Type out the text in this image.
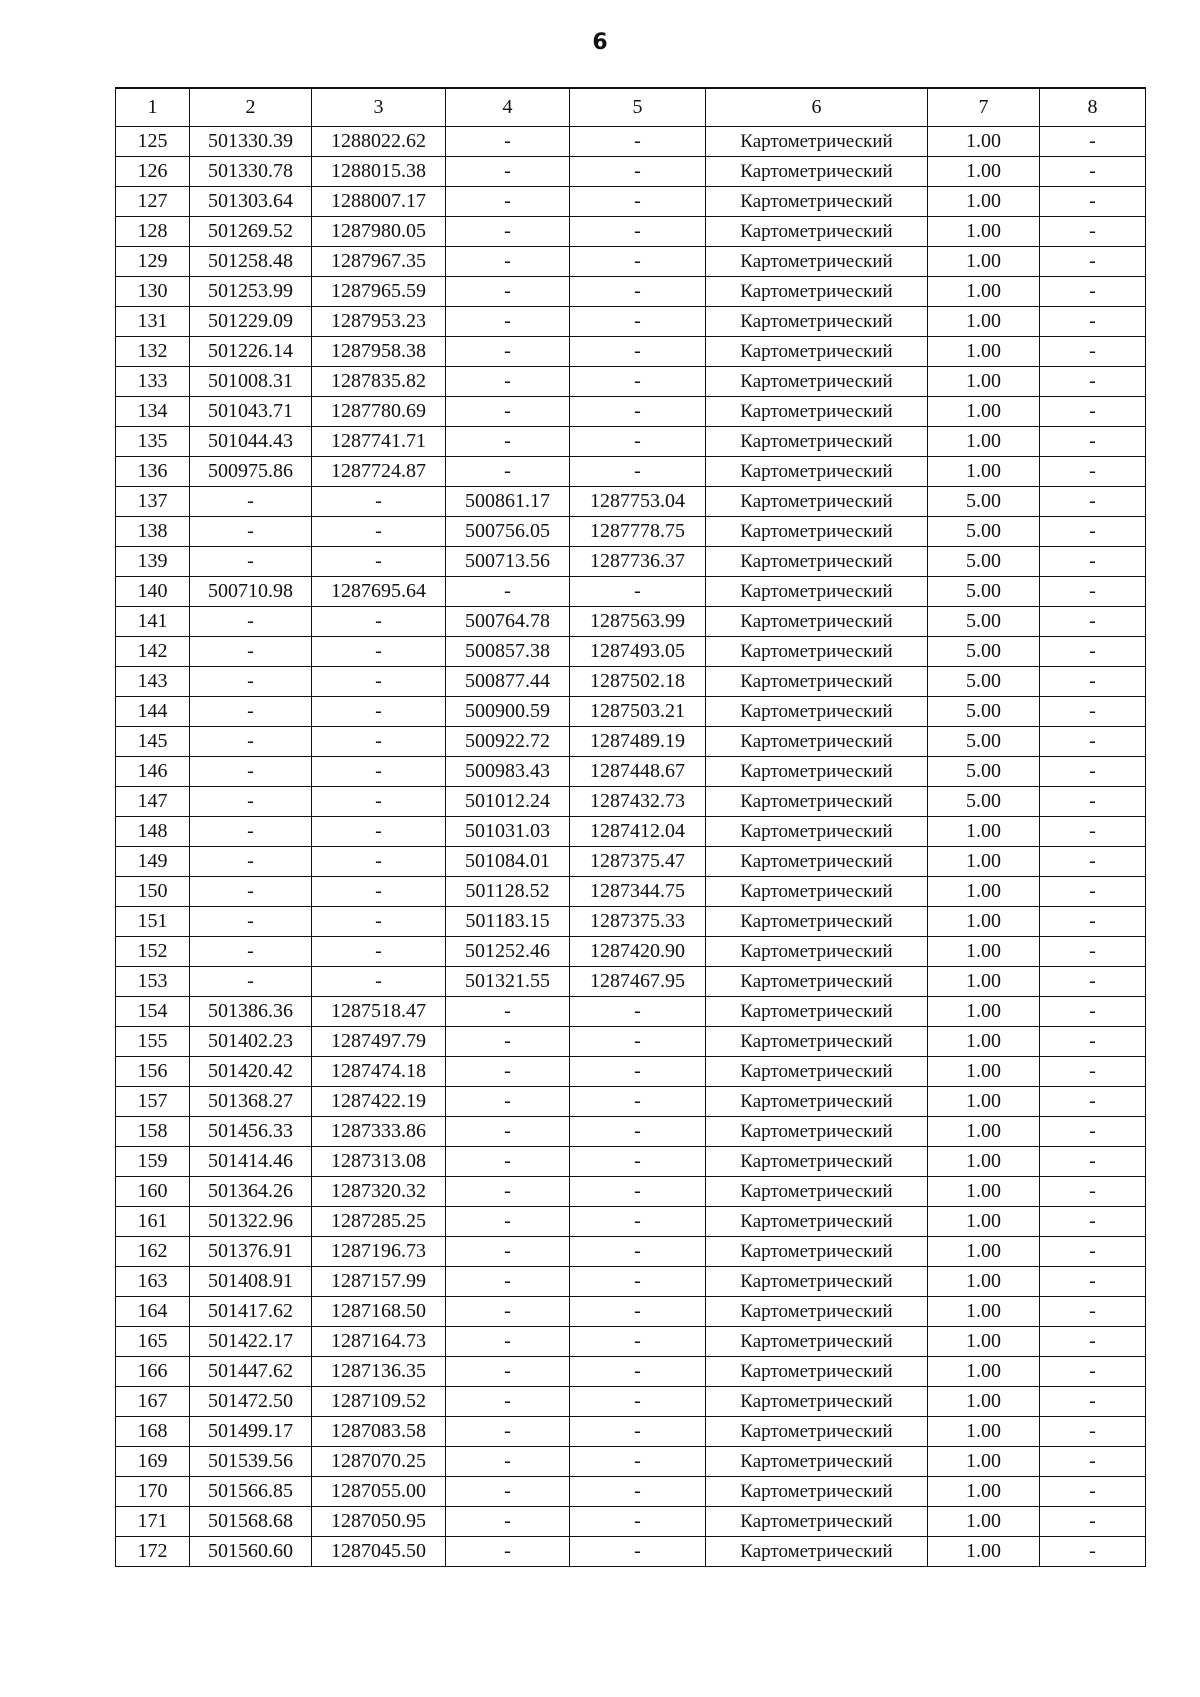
6
1	2	3	4	5	6	7	8
125	501330.39	1288022.62	-	-	Картометрический	1.00	-
126	501330.78	1288015.38	-	-	Картометрический	1.00	-
127	501303.64	1288007.17	-	-	Картометрический	1.00	-
128	501269.52	1287980.05	-	-	Картометрический	1.00	-
129	501258.48	1287967.35	-	-	Картометрический	1.00	-
130	501253.99	1287965.59	-	-	Картометрический	1.00	-
131	501229.09	1287953.23	-	-	Картометрический	1.00	-
132	501226.14	1287958.38	-	-	Картометрический	1.00	-
133	501008.31	1287835.82	-	-	Картометрический	1.00	-
134	501043.71	1287780.69	-	-	Картометрический	1.00	-
135	501044.43	1287741.71	-	-	Картометрический	1.00	-
136	500975.86	1287724.87	-	-	Картометрический	1.00	-
137	-	-	500861.17	1287753.04	Картометрический	5.00	-
138	-	-	500756.05	1287778.75	Картометрический	5.00	-
139	-	-	500713.56	1287736.37	Картометрический	5.00	-
140	500710.98	1287695.64	-	-	Картометрический	5.00	-
141	-	-	500764.78	1287563.99	Картометрический	5.00	-
142	-	-	500857.38	1287493.05	Картометрический	5.00	-
143	-	-	500877.44	1287502.18	Картометрический	5.00	-
144	-	-	500900.59	1287503.21	Картометрический	5.00	-
145	-	-	500922.72	1287489.19	Картометрический	5.00	-
146	-	-	500983.43	1287448.67	Картометрический	5.00	-
147	-	-	501012.24	1287432.73	Картометрический	5.00	-
148	-	-	501031.03	1287412.04	Картометрический	1.00	-
149	-	-	501084.01	1287375.47	Картометрический	1.00	-
150	-	-	501128.52	1287344.75	Картометрический	1.00	-
151	-	-	501183.15	1287375.33	Картометрический	1.00	-
152	-	-	501252.46	1287420.90	Картометрический	1.00	-
153	-	-	501321.55	1287467.95	Картометрический	1.00	-
154	501386.36	1287518.47	-	-	Картометрический	1.00	-
155	501402.23	1287497.79	-	-	Картометрический	1.00	-
156	501420.42	1287474.18	-	-	Картометрический	1.00	-
157	501368.27	1287422.19	-	-	Картометрический	1.00	-
158	501456.33	1287333.86	-	-	Картометрический	1.00	-
159	501414.46	1287313.08	-	-	Картометрический	1.00	-
160	501364.26	1287320.32	-	-	Картометрический	1.00	-
161	501322.96	1287285.25	-	-	Картометрический	1.00	-
162	501376.91	1287196.73	-	-	Картометрический	1.00	-
163	501408.91	1287157.99	-	-	Картометрический	1.00	-
164	501417.62	1287168.50	-	-	Картометрический	1.00	-
165	501422.17	1287164.73	-	-	Картометрический	1.00	-
166	501447.62	1287136.35	-	-	Картометрический	1.00	-
167	501472.50	1287109.52	-	-	Картометрический	1.00	-
168	501499.17	1287083.58	-	-	Картометрический	1.00	-
169	501539.56	1287070.25	-	-	Картометрический	1.00	-
170	501566.85	1287055.00	-	-	Картометрический	1.00	-
171	501568.68	1287050.95	-	-	Картометрический	1.00	-
172	501560.60	1287045.50	-	-	Картометрический	1.00	-
